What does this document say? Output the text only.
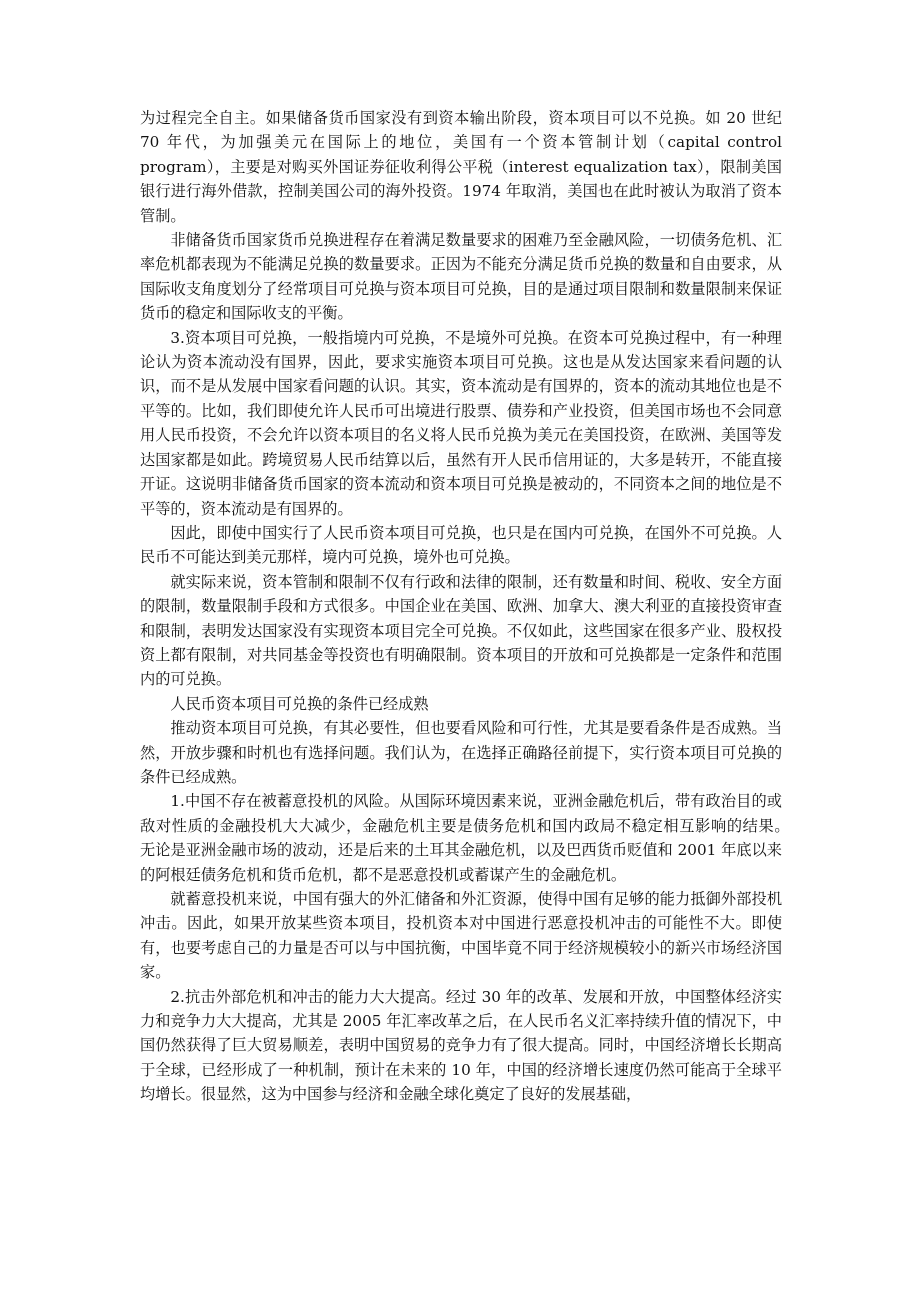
为过程完全自主。如果储备货币国家没有到资本输出阶段，资本项目可以不兑换。如 20 世纪 70 年代，为加强美元在国际上的地位，美国有一个资本管制计划（capital control program），主要是对购买外国证券征收利得公平税（interest equalization tax），限制美国银行进行海外借款，控制美国公司的海外投资。1974 年取消，美国也在此时被认为取消了资本管制。

非储备货币国家货币兑换进程存在着满足数量要求的困难乃至金融风险，一切债务危机、汇率危机都表现为不能满足兑换的数量要求。正因为不能充分满足货币兑换的数量和自由要求，从国际收支角度划分了经常项目可兑换与资本项目可兑换，目的是通过项目限制和数量限制来保证货币的稳定和国际收支的平衡。

3.资本项目可兑换，一般指境内可兑换，不是境外可兑换。在资本可兑换过程中，有一种理论认为资本流动没有国界，因此，要求实施资本项目可兑换。这也是从发达国家来看问题的认识，而不是从发展中国家看问题的认识。其实，资本流动是有国界的，资本的流动其地位也是不平等的。比如，我们即使允许人民币可出境进行股票、债券和产业投资，但美国市场也不会同意用人民币投资，不会允许以资本项目的名义将人民币兑换为美元在美国投资，在欧洲、美国等发达国家都是如此。跨境贸易人民币结算以后，虽然有开人民币信用证的，大多是转开，不能直接开证。这说明非储备货币国家的资本流动和资本项目可兑换是被动的，不同资本之间的地位是不平等的，资本流动是有国界的。

因此，即使中国实行了人民币资本项目可兑换，也只是在国内可兑换，在国外不可兑换。人民币不可能达到美元那样，境内可兑换，境外也可兑换。

就实际来说，资本管制和限制不仅有行政和法律的限制，还有数量和时间、税收、安全方面的限制，数量限制手段和方式很多。中国企业在美国、欧洲、加拿大、澳大利亚的直接投资审查和限制，表明发达国家没有实现资本项目完全可兑换。不仅如此，这些国家在很多产业、股权投资上都有限制，对共同基金等投资也有明确限制。资本项目的开放和可兑换都是一定条件和范围内的可兑换。

人民币资本项目可兑换的条件已经成熟

推动资本项目可兑换，有其必要性，但也要看风险和可行性，尤其是要看条件是否成熟。当然，开放步骤和时机也有选择问题。我们认为，在选择正确路径前提下，实行资本项目可兑换的条件已经成熟。

1.中国不存在被蓄意投机的风险。从国际环境因素来说，亚洲金融危机后，带有政治目的或敌对性质的金融投机大大减少，金融危机主要是债务危机和国内政局不稳定相互影响的结果。　　　无论是亚洲金融市场的波动，还是后来的土耳其金融危机，以及巴西货币贬值和 2001 年底以来的阿根廷债务危机和货币危机，都不是恶意投机或蓄谋产生的金融危机。

就蓄意投机来说，中国有强大的外汇储备和外汇资源，使得中国有足够的能力抵御外部投机冲击。因此，如果开放某些资本项目，投机资本对中国进行恶意投机冲击的可能性不大。即使有，也要考虑自己的力量是否可以与中国抗衡，中国毕竟不同于经济规模较小的新兴市场经济国家。

2.抗击外部危机和冲击的能力大大提高。经过 30 年的改革、发展和开放，中国整体经济实力和竞争力大大提高，尤其是 2005 年汇率改革之后，在人民币名义汇率持续升值的情况下，中国仍然获得了巨大贸易顺差，表明中国贸易的竞争力有了很大提高。同时，中国经济增长长期高于全球，已经形成了一种机制，预计在未来的 10 年，中国的经济增长速度仍然可能高于全球平均增长。很显然，这为中国参与经济和金融全球化奠定了良好的发展基础，
